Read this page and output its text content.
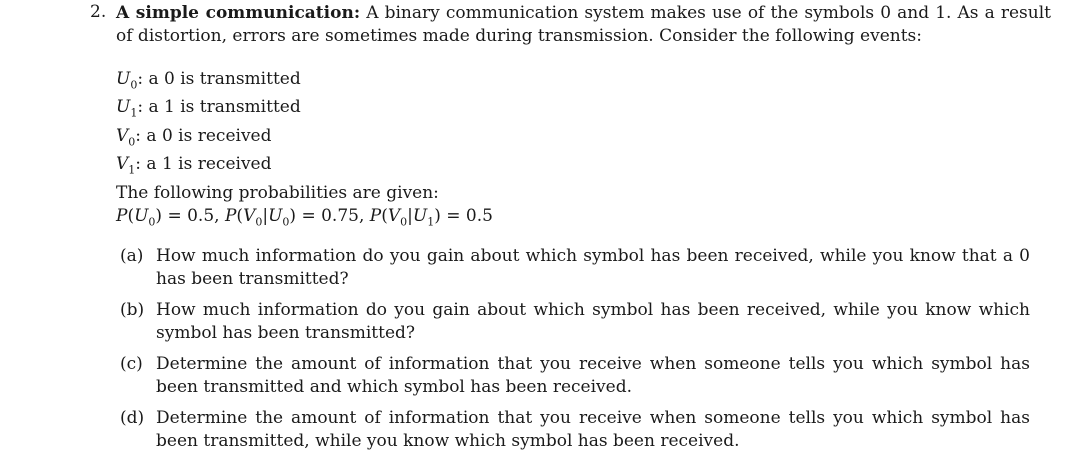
2. A simple communication: A binary communication system makes use of the symbols 0 and 1. As a result of distortion, errors are sometimes made during transmission. Consider the following events:
$U_0$: a 0 is transmitted
$U_1$: a 1 is transmitted
$V_0$: a 0 is received
$V_1$: a 1 is received
The following probabilities are given:
$P(U_0) = 0.5$, $P(V_0|U_0) = 0.75$, $P(V_0|U_1) = 0.5$
(a) How much information do you gain about which symbol has been received, while you know that a 0 has been transmitted?
(b) How much information do you gain about which symbol has been received, while you know which symbol has been transmitted?
(c) Determine the amount of information that you receive when someone tells you which symbol has been transmitted and which symbol has been received.
(d) Determine the amount of information that you receive when someone tells you which symbol has been transmitted, while you know which symbol has been received.
